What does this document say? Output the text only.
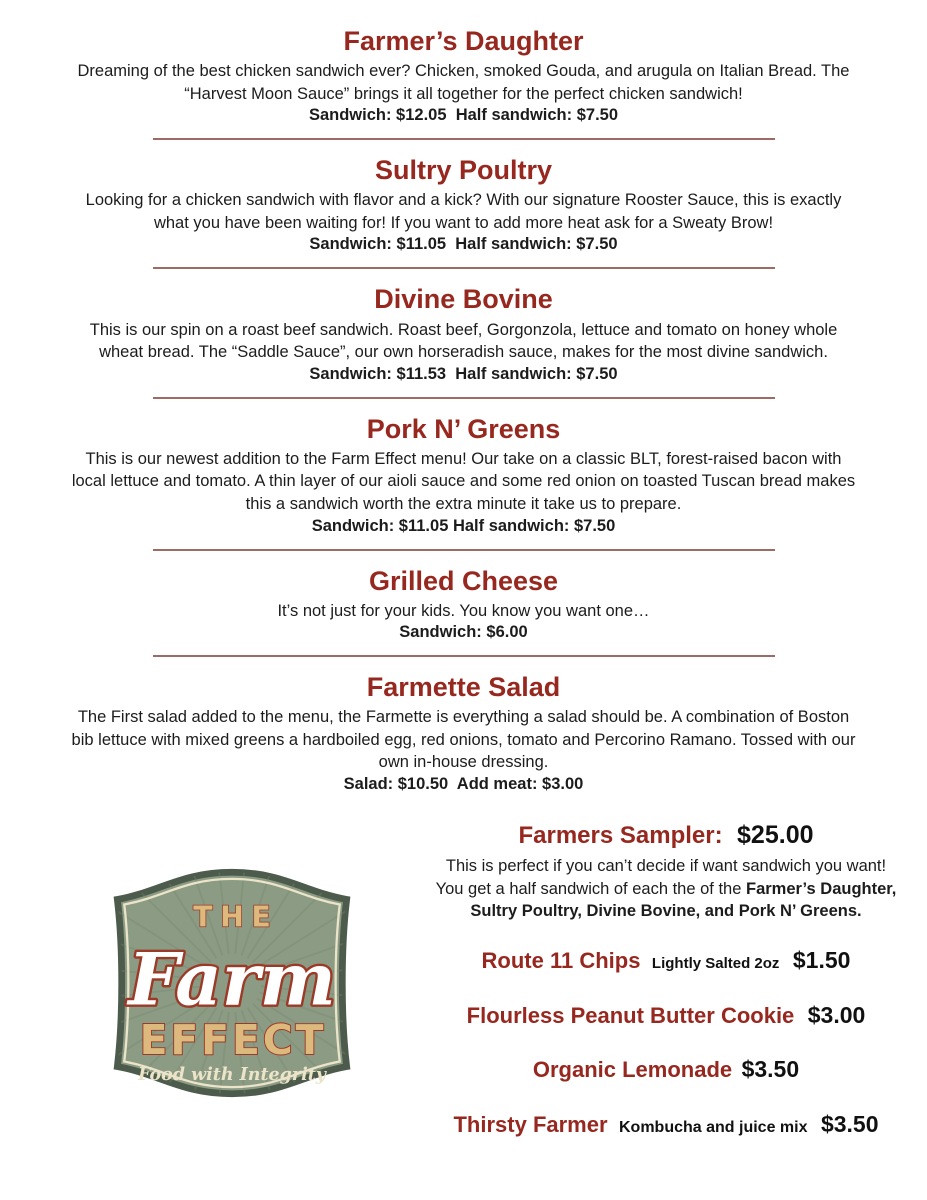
Farmer’s Daughter
Dreaming of the best chicken sandwich ever? Chicken, smoked Gouda, and arugula on Italian Bread. The “Harvest Moon Sauce” brings it all together for the perfect chicken sandwich!
Sandwich: $12.05  Half sandwich: $7.50
Sultry Poultry
Looking for a chicken sandwich with flavor and a kick? With our signature Rooster Sauce, this is exactly what you have been waiting for! If you want to add more heat ask for a Sweaty Brow!
Sandwich: $11.05  Half sandwich: $7.50
Divine Bovine
This is our spin on a roast beef sandwich. Roast beef, Gorgonzola, lettuce and tomato on honey whole wheat bread. The “Saddle Sauce”, our own horseradish sauce, makes for the most divine sandwich.
Sandwich: $11.53  Half sandwich: $7.50
Pork N’ Greens
This is our newest addition to the Farm Effect menu! Our take on a classic BLT, forest-raised bacon with local lettuce and tomato. A thin layer of our aioli sauce and some red onion on toasted Tuscan bread makes this a sandwich worth the extra minute it take us to prepare.
Sandwich: $11.05 Half sandwich: $7.50
Grilled Cheese
It’s not just for your kids. You know you want one…
Sandwich: $6.00
Farmette Salad
The First salad added to the menu, the Farmette is everything a salad should be. A combination of Boston bib lettuce with mixed greens a hardboiled egg, red onions, tomato and Percorino Ramano. Tossed with our own in-house dressing.
Salad: $10.50  Add meat: $3.00
THE
Farm
EFFECT
Food with Integrity
Farmers Sampler: $25.00
This is perfect if you can’t decide if want sandwich you want! You get a half sandwich of each the of the Farmer’s Daughter, Sultry Poultry, Divine Bovine, and Pork N’ Greens.
Route 11 Chips Lightly Salted 2oz $1.50
Flourless Peanut Butter Cookie $3.00
Organic Lemonade $3.50
Thirsty Farmer Kombucha and juice mix $3.50
